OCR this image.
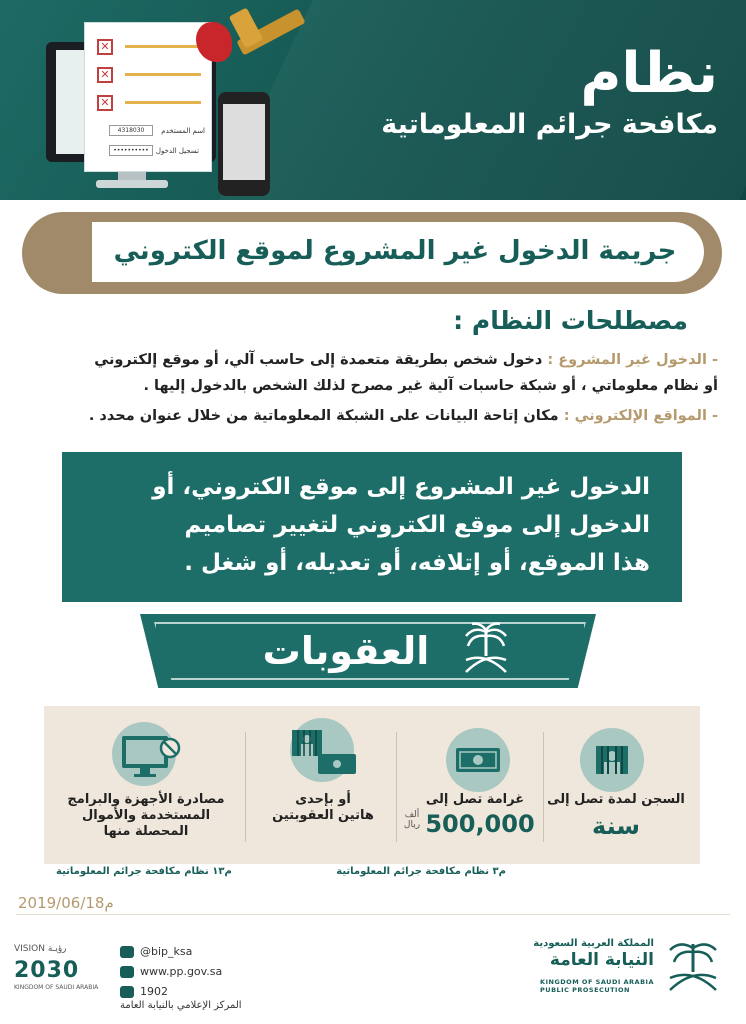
نظام
مكافحة جرائم المعلوماتية
✕
✕
✕
اسم المستخدم
4318030
تسجيل الدخول
••••••••••
جريمة الدخول غير المشروع لموقع الكتروني
مصطلحات النظام :
- الدخول غير المشروع : دخول شخص بطريقة متعمدة إلى حاسب آلي، أو موقع إلكتروني
أو نظام معلوماتي ، أو شبكة حاسبات آلية غير مصرح لذلك الشخص بالدخول إليها .
- المواقع الإلكتروني : مكان إتاحة البيانات على الشبكة المعلوماتية من خلال عنوان محدد .
الدخول غير المشروع إلى موقع الكتروني، أو
الدخول إلى موقع الكتروني لتغيير تصاميم
هذا الموقع، أو إتلافه، أو تعديله، أو شغل .
العقوبات
السجن لمدة تصل إلى
سنة
غرامة تصل إلى
500,000
ألف
ريال
أو بإحدى
هاتين العقوبتين
مصادرة الأجهزة والبرامج
المستخدمة والأموال
المحصلة منها
م٣ نظام مكافحة جرائم المعلوماتية
م١٣ نظام مكافحة جرائم المعلوماتية
2019/06/18م
المملكة العربية السعودية
النيابة العامة
KINGDOM OF SAUDI ARABIA
PUBLIC PROSECUTION
@bip_ksa
www.pp.gov.sa
1902
المركز الإعلامي بالنيابة العامة
VISION رؤيـة
2030
KINGDOM OF SAUDI ARABIA
